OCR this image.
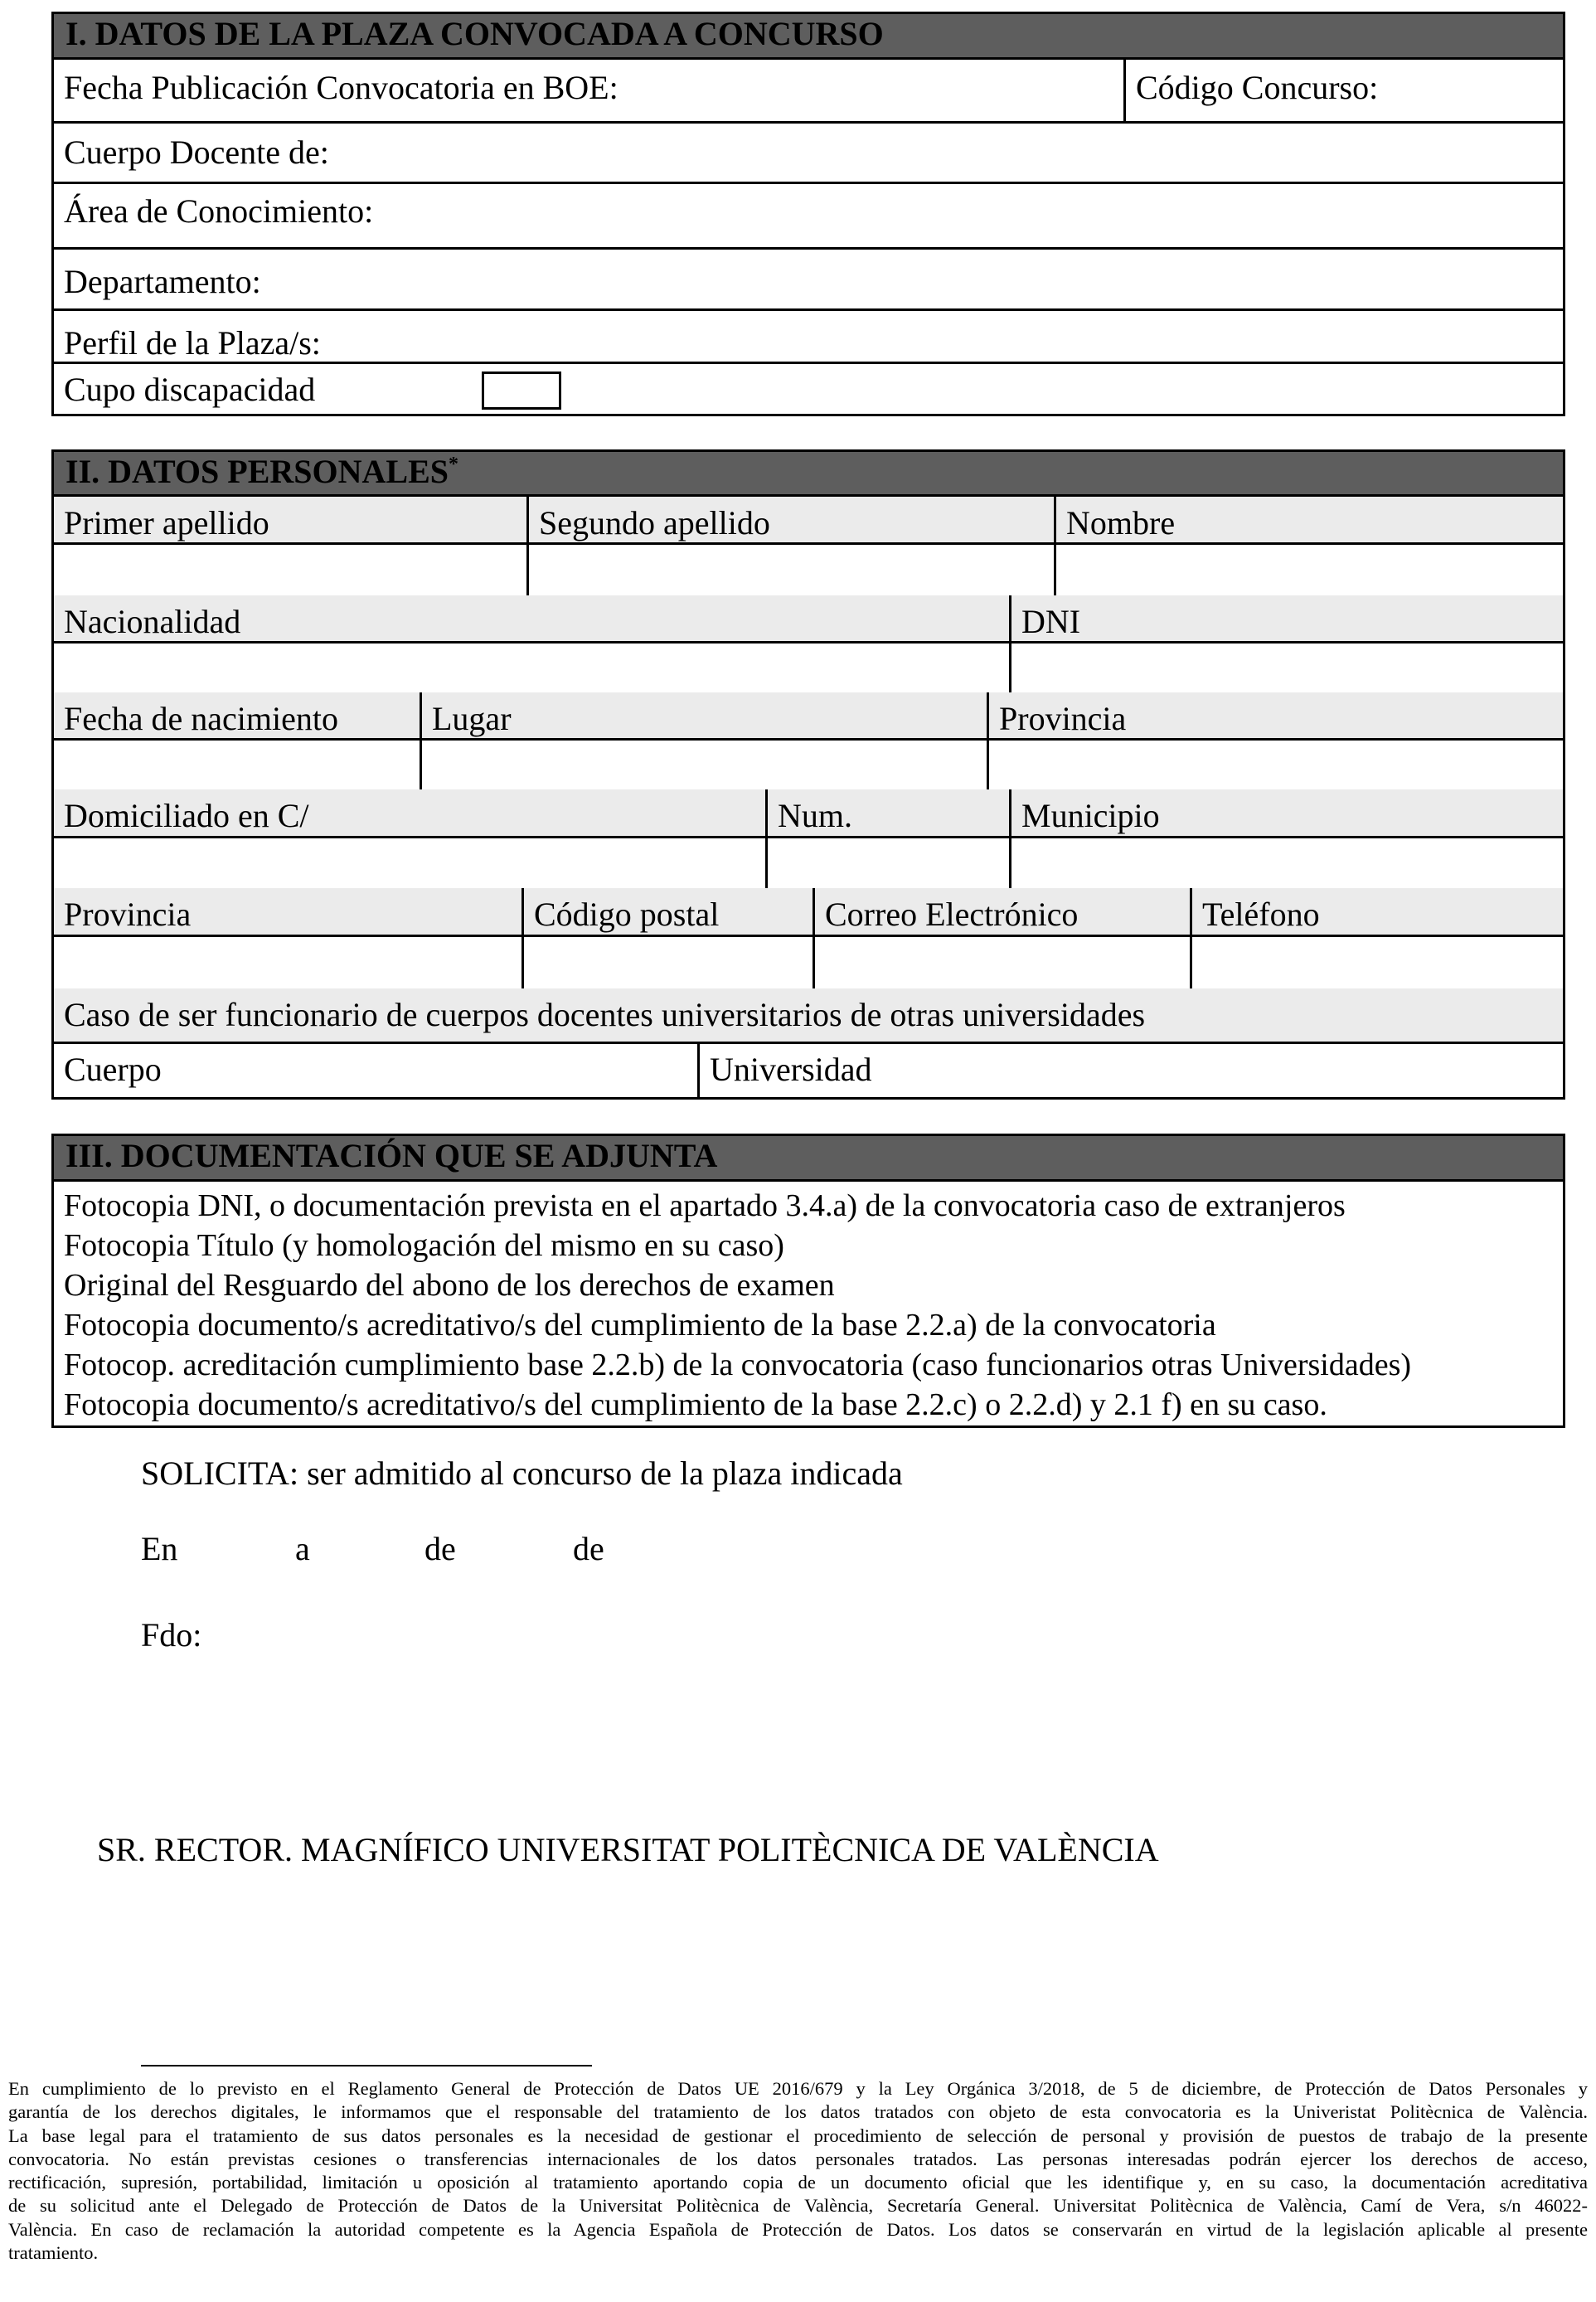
I. DATOS DE LA PLAZA CONVOCADA A CONCURSO
Fecha Publicación Convocatoria en BOE:	Código Concurso:
Cuerpo Docente de:
Área de Conocimiento:
Departamento:
Perfil de la Plaza/s:
Cupo discapacidad
II. DATOS PERSONALES*
Primer apellido	Segundo apellido	Nombre
Nacionalidad	DNI
Fecha de nacimiento	Lugar	Provincia
Domiciliado en C/	Num.	Municipio
Provincia	Código postal	Correo Electrónico	Teléfono
Caso de ser funcionario de cuerpos docentes universitarios de otras universidades
Cuerpo	Universidad
III. DOCUMENTACIÓN QUE SE ADJUNTA
Fotocopia DNI, o documentación prevista en el apartado 3.4.a) de la convocatoria caso de extranjeros
Fotocopia Título (y homologación del mismo en su caso)
Original del Resguardo del abono de los derechos de examen
Fotocopia documento/s acreditativo/s del cumplimiento de la base 2.2.a) de la convocatoria
Fotocop. acreditación cumplimiento base 2.2.b) de la convocatoria (caso funcionarios otras Universidades)
Fotocopia documento/s acreditativo/s del cumplimiento de la base 2.2.c) o 2.2.d) y 2.1 f) en su caso.
SOLICITA: ser admitido al concurso de la plaza indicada
En	a	de	de
Fdo:
SR. RECTOR. MAGNÍFICO UNIVERSITAT POLITÈCNICA DE VALÈNCIA
En cumplimiento de lo previsto en el Reglamento General de Protección de Datos UE 2016/679 y la Ley Orgánica 3/2018, de 5 de diciembre, de Protección de Datos Personales y
garantía de los derechos digitales, le informamos que el responsable del tratamiento de los datos tratados con objeto de esta convocatoria es la Univeristat Politècnica de València.
La base legal para el tratamiento de sus datos personales es la necesidad de gestionar el procedimiento de selección de personal y provisión de puestos de trabajo de la presente
convocatoria. No están previstas cesiones o transferencias internacionales de los datos personales tratados. Las personas interesadas podrán ejercer los derechos de acceso,
rectificación, supresión, portabilidad, limitación u oposición al tratamiento aportando copia de un documento oficial que les identifique y, en su caso, la documentación acreditativa
de su solicitud ante el Delegado de Protección de Datos de la Universitat Politècnica de València, Secretaría General. Universitat Politècnica de València, Camí de Vera, s/n 46022-
València. En caso de reclamación la autoridad competente es la Agencia Española de Protección de Datos. Los datos se conservarán en virtud de la legislación aplicable al presente
tratamiento.
